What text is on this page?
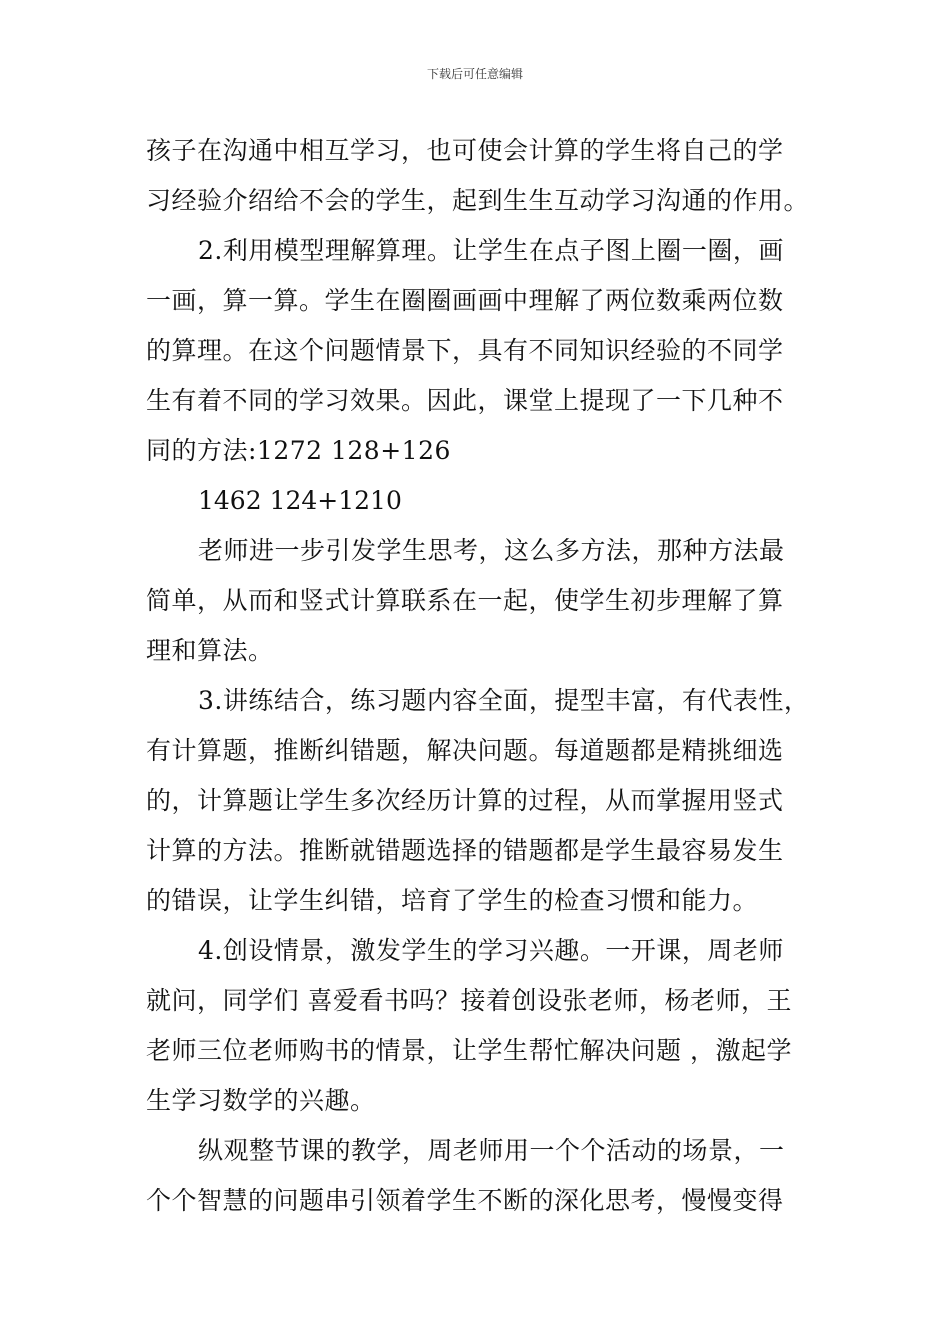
下载后可任意编辑
孩子在沟通中相互学习，也可使会计算的学生将自己的学
习经验介绍给不会的学生，起到生生互动学习沟通的作用。
2.利用模型理解算理。让学生在点子图上圈一圈，画
一画，算一算。学生在圈圈画画中理解了两位数乘两位数
的算理。在这个问题情景下，具有不同知识经验的不同学
生有着不同的学习效果。因此，课堂上提现了一下几种不
同的方法:1272 128+126
1462 124+1210
老师进一步引发学生思考，这么多方法，那种方法最
简单，从而和竖式计算联系在一起，使学生初步理解了算
理和算法。
3.讲练结合，练习题内容全面，提型丰富，有代表性，
有计算题，推断纠错题，解决问题。每道题都是精挑细选
的，计算题让学生多次经历计算的过程，从而掌握用竖式
计算的方法。推断就错题选择的错题都是学生最容易发生
的错误，让学生纠错，培育了学生的检查习惯和能力。
4.创设情景，激发学生的学习兴趣。一开课，周老师
就问，同学们 喜爱看书吗？接着创设张老师，杨老师，王
老师三位老师购书的情景，让学生帮忙解决问题 ，激起学
生学习数学的兴趣。
纵观整节课的教学，周老师用一个个活动的场景，一
个个智慧的问题串引领着学生不断的深化思考，慢慢变得
